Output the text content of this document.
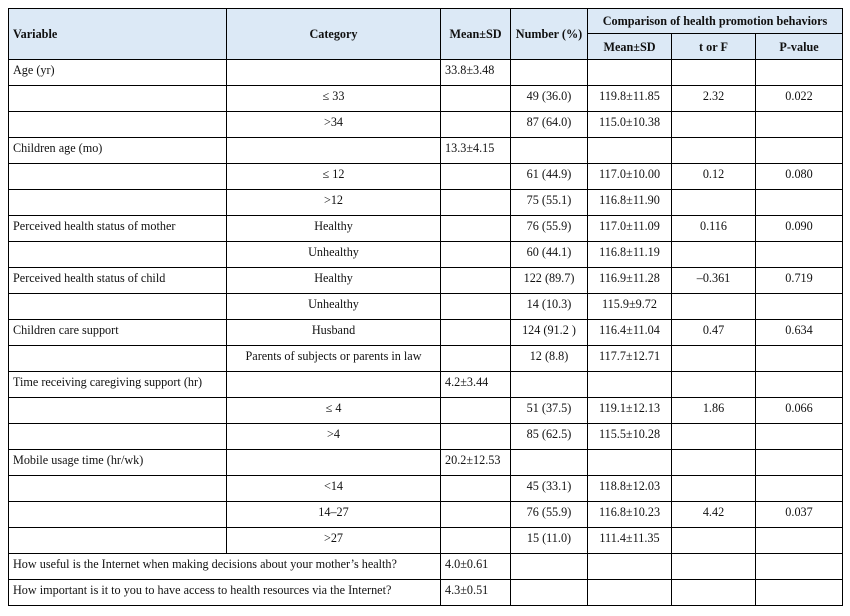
Variable	Category	Mean±SD	Number (%)	Comparison of health promotion behaviors		
				Mean±SD	t or F	P-value
Age (yr)		33.8±3.48				
	≤ 33		49 (36.0)	119.8±11.85	2.32	0.022
	>34		87 (64.0)	115.0±10.38		
Children age (mo)		13.3±4.15				
	≤ 12		61 (44.9)	117.0±10.00	0.12	0.080
	>12		75 (55.1)	116.8±11.90		
Perceived health status of mother	Healthy		76 (55.9)	117.0±11.09	0.116	0.090
	Unhealthy		60 (44.1)	116.8±11.19		
Perceived health status of child	Healthy		122 (89.7)	116.9±11.28	–0.361	0.719
	Unhealthy		14 (10.3)	115.9±9.72		
Children care support	Husband		124 (91.2 )	116.4±11.04	0.47	0.634
	Parents of subjects or parents in law		12 (8.8)	117.7±12.71		
Time receiving caregiving support (hr)		4.2±3.44				
	≤ 4		51 (37.5)	119.1±12.13	1.86	0.066
	>4		85 (62.5)	115.5±10.28		
Mobile usage time (hr/wk)		20.2±12.53				
	<14		45 (33.1)	118.8±12.03		
	14–27		76 (55.9)	116.8±10.23	4.42	0.037
	>27		15 (11.0)	111.4±11.35		
How useful is the Internet when making decisions about your mother’s health?		4.0±0.61				
How important is it to you to have access to health resources via the Internet?		4.3±0.51				
